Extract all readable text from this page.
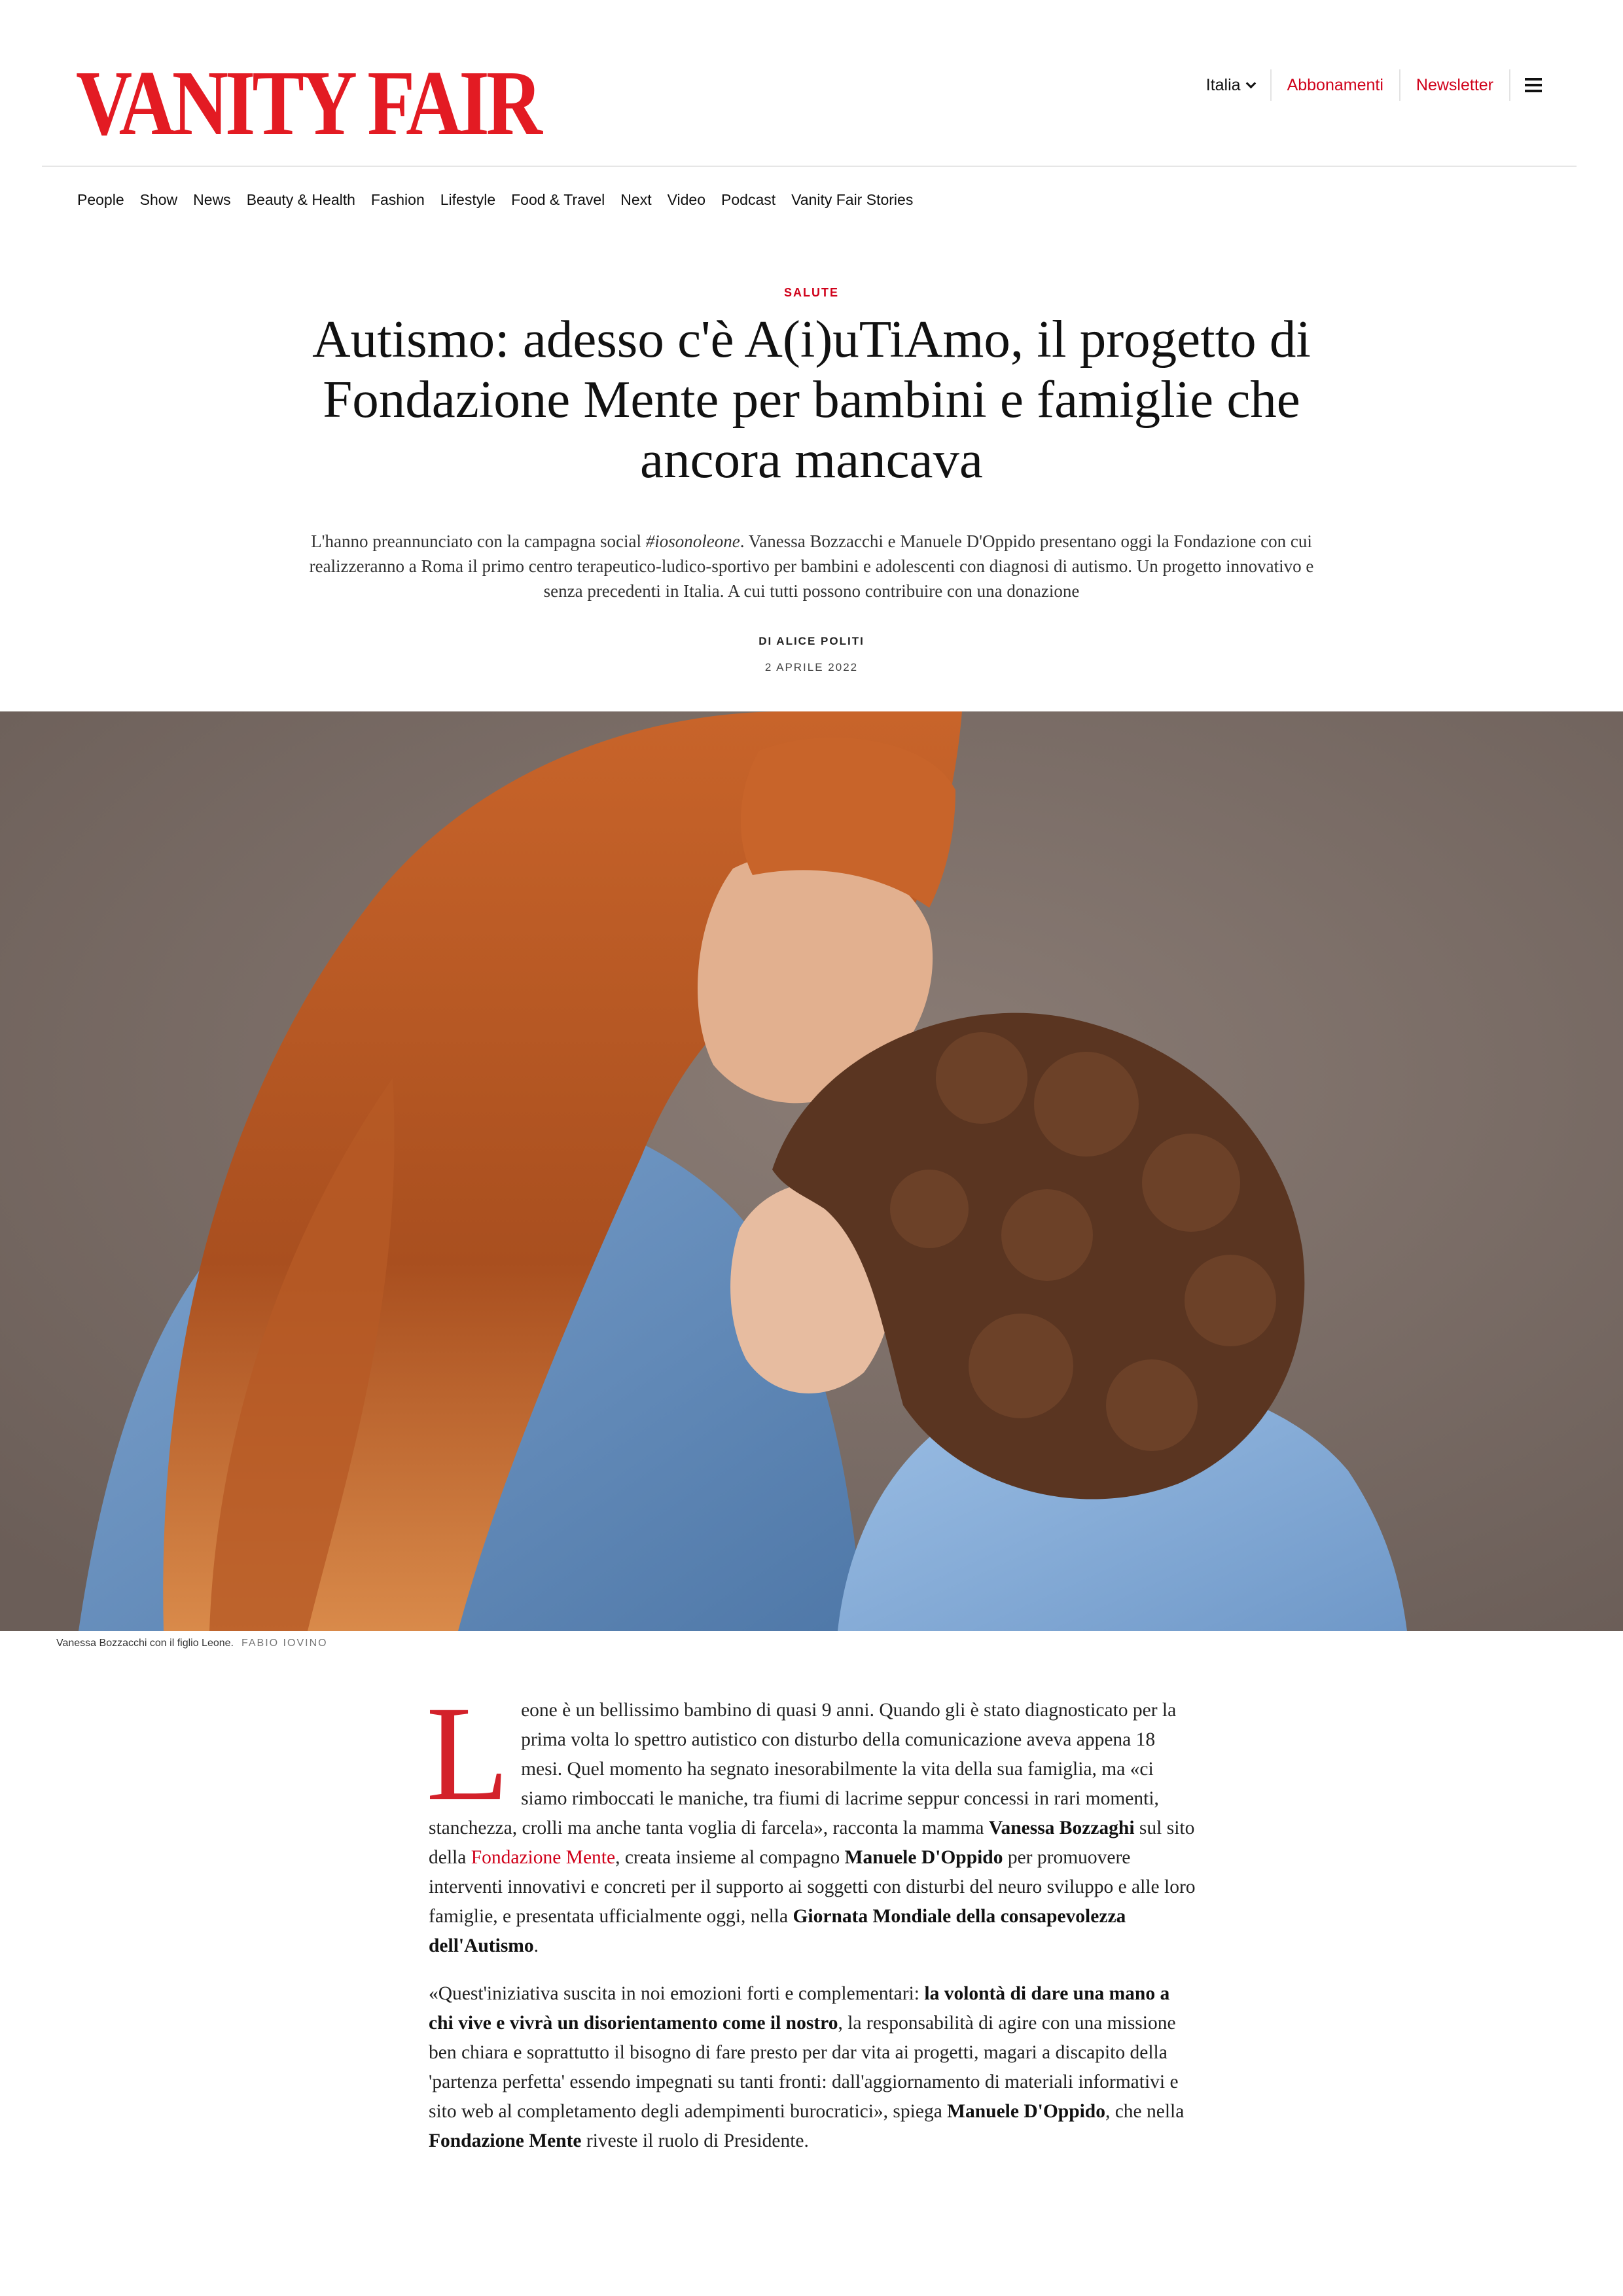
VANITY FAIR	Italia	Abbonamenti	Newsletter
People Show News Beauty & Health Fashion Lifestyle Food & Travel Next Video Podcast Vanity Fair Stories
SALUTE
Autismo: adesso c'è A(i)uTiAmo, il progetto di Fondazione Mente per bambini e famiglie che ancora mancava

L'hanno preannunciato con la campagna social #iosonoleone. Vanessa Bozzacchi e Manuele D'Oppido presentano oggi la Fondazione con cui realizzeranno a Roma il primo centro terapeutico-ludico-sportivo per bambini e adolescenti con diagnosi di autismo. Un progetto innovativo e senza precedenti in Italia. A cui tutti possono contribuire con una donazione

DI ALICE POLITI
2 APRILE 2022
Vanessa Bozzacchi con il figlio Leone. FABIO IOVINO

Leone è un bellissimo bambino di quasi 9 anni. Quando gli è stato diagnosticato per la prima volta lo spettro autistico con disturbo della comunicazione aveva appena 18 mesi. Quel momento ha segnato inesorabilmente la vita della sua famiglia, ma «ci siamo rimboccati le maniche, tra fiumi di lacrime seppur concessi in rari momenti, stanchezza, crolli ma anche tanta voglia di farcela», racconta la mamma Vanessa Bozzaghi sul sito della Fondazione Mente, creata insieme al compagno Manuele D'Oppido per promuovere interventi innovativi e concreti per il supporto ai soggetti con disturbi del neuro sviluppo e alle loro famiglie, e presentata ufficialmente oggi, nella Giornata Mondiale della consapevolezza dell'Autismo.

«Quest'iniziativa suscita in noi emozioni forti e complementari: la volontà di dare una mano a chi vive e vivrà un disorientamento come il nostro, la responsabilità di agire con una missione ben chiara e soprattutto il bisogno di fare presto per dar vita ai progetti, magari a discapito della 'partenza perfetta' essendo impegnati su tanti fronti: dall'aggiornamento di materiali informativi e sito web al completamento degli adempimenti burocratici», spiega Manuele D'Oppido, che nella Fondazione Mente riveste il ruolo di Presidente.
